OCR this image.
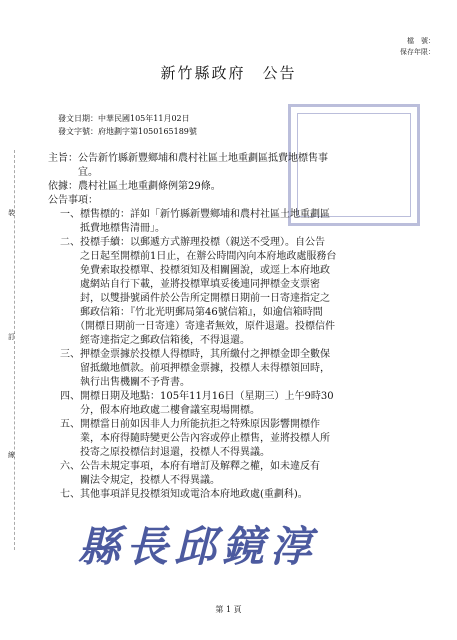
檔　號：
保存年限：
新竹縣政府　公告
發文日期：中華民國105年11月02日
發文字號：府地劃字第1050165189號
裝
訂
線
主旨：公告新竹縣新豐鄉埔和農村社區土地重劃區抵費地標售事
　　　宜。
依據：農村社區土地重劃條例第29條。
公告事項：
一、標售標的：詳如「新竹縣新豐鄉埔和農村社區土地重劃區
　　抵費地標售清冊」。
二、投標手續：以郵遞方式辦理投標（親送不受理）。自公告
　　之日起至開標前1日止，在辦公時間內向本府地政處服務台
　　免費索取投標單、投標須知及相關圖說，或逕上本府地政
　　處網站自行下載，並將投標單填妥後連同押標金支票密
　　封，以雙掛號函件於公告所定開標日期前一日寄達指定之
　　郵政信箱：『竹北光明郵局第46號信箱』，如逾信箱時間
　　（開標日期前一日寄達）寄達者無效，原件退還。投標信件
　　經寄達指定之郵政信箱後，不得退還。
三、押標金票據於投標人得標時，其所繳付之押標金即全數保
　　留抵繳地價款。前項押標金票據，投標人未得標領回時，
　　執行出售機關不予背書。
四、開標日期及地點：105年11月16日（星期三）上午9時30
　　分，假本府地政處二樓會議室現場開標。
五、開標當日前如因非人力所能抗拒之特殊原因影響開標作
　　業，本府得隨時變更公告內容或停止標售，並將投標人所
　　投寄之原投標信封退還，投標人不得異議。
六、公告未規定事項，本府有增訂及解釋之權，如未違反有
　　關法令規定，投標人不得異議。
七、其他事項詳見投標須知或電洽本府地政處(重劃科)。
縣長邱鏡淳
第 1 頁
